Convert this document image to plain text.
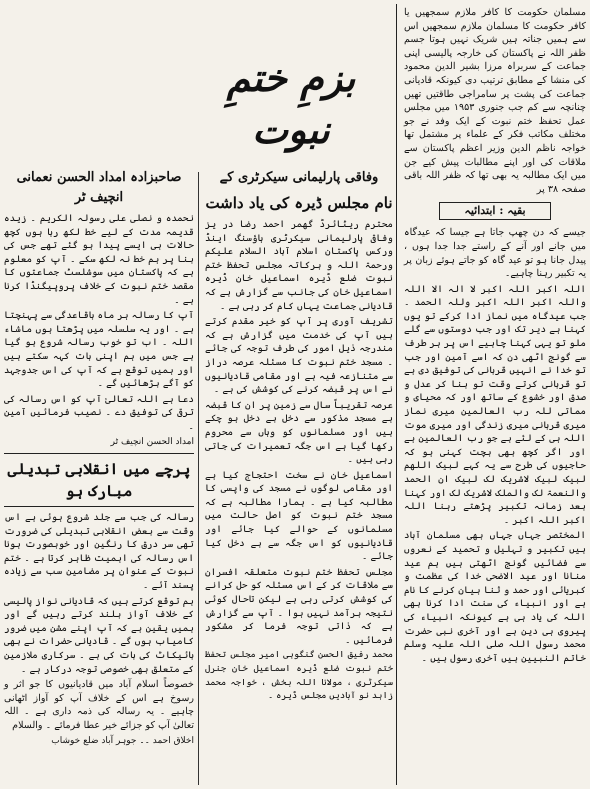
بزمِ ختمِ نبوت

مسلمان حکومت کا کافر ملازم سمجھیں یا کافر حکومت کا مسلمان ملازم سمجھیں اس سے ہمیں جناتہ ہیں شریک نہیں ہوتا جسم ظفر اللہ نے پاکستان کی خارجہ پالیسی اپنی جماعت کے سربراہ مرزا بشیر الدین محمود کی منشا کے مطابق ترتیب دی کیونکہ قادیانی جماعت کی پشت پر سامراجی طاقتیں تھیں چنانچہ سے کم جب جنوری ۱۹۵۳ میں مجلس عمل تحفظ ختم نبوت کے ایک وفد نے جو مختلف مکاتب فکر کے علماء پر مشتمل تھا خواجہ ناظم الدین وزیر اعظم پاکستان سے ملاقات کی اور اپنے مطالبات پیش کیے جن میں ایک مطالبہ یہ بھی تھا کہ ظفر اللہ باقی صفحہ ۳۸ پر

بقیہ : ابتدائیہ

جیسے کہ دن چھپ جاتا ہے جیسا کہ عیدگاہ میں جانے اور آنے کے راستے جدا جدا ہوں ، پیدل جانا ہو تو عید گاہ کو جاتے ہوئے زبان پر یہ تکبیر رہنا چاہیے۔

اللہ اکبر اللہ اکبر لا الہ الا اللہ واللہ اکبر اللہ اکبر وللہ الحمد ۔ جب عیدگاہ میں نماز ادا کرکے تو یوں کہنا ہے دیر تک اور جب دوستوں سے گلے ملو تو یہی کہنا چاہیے اس پر ہر طرف سے گونج اٹھی دن کہ اسے آمین اور جب تو خدا نے انہیں قربانی کی توفیق دی ہے تو قربانی کرتے وقت تو بنا کر عدل و صدق اور خشوع کے ساتھ اور کہ محیای و مماتی للہ رب العالمین میری نماز میری قربانی میری زندگی اور میری موت اللہ ہی کے لئے ہے جو رب العالمین ہے اور اگر کچھ بھی بچت کہنی ہو کہ حاجیوں کی طرح سے یہ کہے لبیک اللھم لبیک لبیک لاشریک لک لبیک ان الحمد والنعمۃ لک والملک لاشریک لک اور کہنا بعد زمانہ تکبیر پڑھتے رہنا اللہ اکبر اللہ اکبر ۔

المختصر جہاں جہاں بھی مسلمان آباد ہیں تکبیر و تہلیل و تحمید کے نعروں سے فضائیں گونج اٹھتی ہیں ہم عید منانا اور عید الاضحی خدا کی عظمت و کبریائی اور حمد و ثنا بیان کرنے کا نام ہے اور انبیاء کی سنت ادا کرنا بھی اللہ کی یاد ہی ہے کیونکہ انبیاء کی پیروی ہی دین ہے اور آخری نبی حضرت محمد رسول اللہ صلی اللہ علیہ وسلم خاتم النبیین ہیں آخری رسول ہیں ۔

وفاقی پارلیمانی سیکرٹری کے
نام مجلس ڈیرہ کی یاد داشت

محترم ریٹائرڈ گھمر احمد رضا در یز وفاقی پارلیمانی سیکرٹری ہاؤسنگ اینڈ ورکس پاکستان اسلام آباد السلام علیکم ورحمۃ اللہ و برکاتہ مجلس تحفظ ختم نبوت ضلع ڈیرہ اسماعیل خان ڈیرہ اسماعیل خان کی جانب سے گزارش ہے کہ قادیانی جماعت یہاں کام کر رہی ہے ۔

تشریف آوری پر آپ کو خیر مقدم کرتے ہیں آپ کی خدمت میں گزارش ہے کہ مندرجہ ذیل امور کی طرف توجہ کی جائے ۔ مسجد ختم نبوت کا مسئلہ عرصہ دراز سے متنازعہ فیہ ہے اور مقامی قادیانیوں نے اس پر قبضہ کرنے کی کوشش کی ہے ۔

عرصہ تقریباً سال سے زمین پر ان کا قبضہ ہے مسجد مذکور سے دخل بے دخل ہو چکے ہیں اور مسلمانوں کو وہاں سے محروم رکھا گیا ہے اس جگہ تعمیرات کی جاتی رہی ہیں ۔

اسماعیل خان نے سخت احتجاج کیا ہے اور مقامی لوگوں نے مسجد کی واپسی کا مطالبہ کیا ہے ۔ ہمارا مطالبہ ہے کہ مسجد ختم نبوت کو اصل حالت میں مسلمانوں کے حوالے کیا جائے اور قادیانیوں کو اس جگہ سے بے دخل کیا جائے ۔

مجلس تحفظ ختم نبوت متعلقہ افسران سے ملاقات کر کے اس مسئلہ کو حل کرانے کی کوشش کرتی رہی ہے لیکن تاحال کوئی نتیجہ برآمد نہیں ہوا ۔ آپ سے گزارش ہے کہ ذاتی توجہ فرما کر مشکور فرمائیں ۔

محمد رفیق الحسن گنگوہی امیر مجلس تحفظ ختم نبوت ضلع ڈیرہ اسماعیل خان جنرل سیکرٹری ، مولانا اللہ بخش ، خواجہ محمد زاہد نو آبادیں مجلس ڈیرہ ۔

صاحبزادہ امداد الحسن نعمانی انچیف ٹر

نحمدہ و نصلی علی رسولہ الکریم ۔ زیدہ قدیمہ مدت کے لیے خط لکھ رہا ہوں کچھ حالات ہی ایسے پیدا ہو گئے تھے جس کی بنا پر ہم خط نہ لکھ سکے ۔ آپ کو معلوم ہے کہ پاکستان میں سوشلسٹ جماعتوں کا مقصد ختم نبوت کے خلاف پروپیگنڈا کرنا ہے ۔

آپ کا رسالہ ہر ماہ باقاعدگی سے پہنچتا ہے ۔ اور یہ سلسلہ میں پڑھتا ہوں ماشاء اللہ ۔ اب تو خوب رسالہ شروع ہو گیا ہے جس میں ہم اپنی بات کہہ سکتے ہیں اور ہمیں توقع ہے کہ آپ کی اس جدوجہد کو آگے بڑھائیں گے ۔

دعا ہے اللہ تعالیٰ آپ کو اس رسالہ کی ترقی کی توفیق دے ۔ نصیب فرمائیں آمین ۔

امداد الحسن انچیف ٹر

پرچے میں انقلابی تبدیلی مبارک ہو

رسالہ کی جب سے جلد شروع ہوئی ہے اس وقت سے بعض انقلابی تبدیلی کی ضرورت تھی سر درق کا رنگین اور خوبصورت ہونا اس رسالہ کی اہمیت ظاہر کرتا ہے ۔ ختم نبوت کے عنوان پر مضامین سب سے زیادہ پسند آئے ۔

ہم توقع کرتے ہیں کہ قادیانی نواز پالیسی کے خلاف آواز بلند کرتے رہیں گے اور ہمیں یقین ہے کہ آپ اپنے مشن میں ضرور کامیاب ہوں گے ۔ قادیانی حضرات نے بھی بائیکاٹ کی بات کی ہے ۔ سرکاری ملازمین کے متعلق بھی خصوصی توجہ درکار ہے ۔

خصوصاً اسلام آباد میں قادیانیوں کا جو اثر و رسوخ ہے اس کے خلاف آپ کو آواز اٹھانی چاہیے ۔ یہ رسالہ کی ذمہ داری ہے ۔ اللہ تعالیٰ آپ کو جزائے خیر عطا فرمائے ۔ والسلام

اخلاق احمد ۔۔ جوہر آباد ضلع خوشاب
